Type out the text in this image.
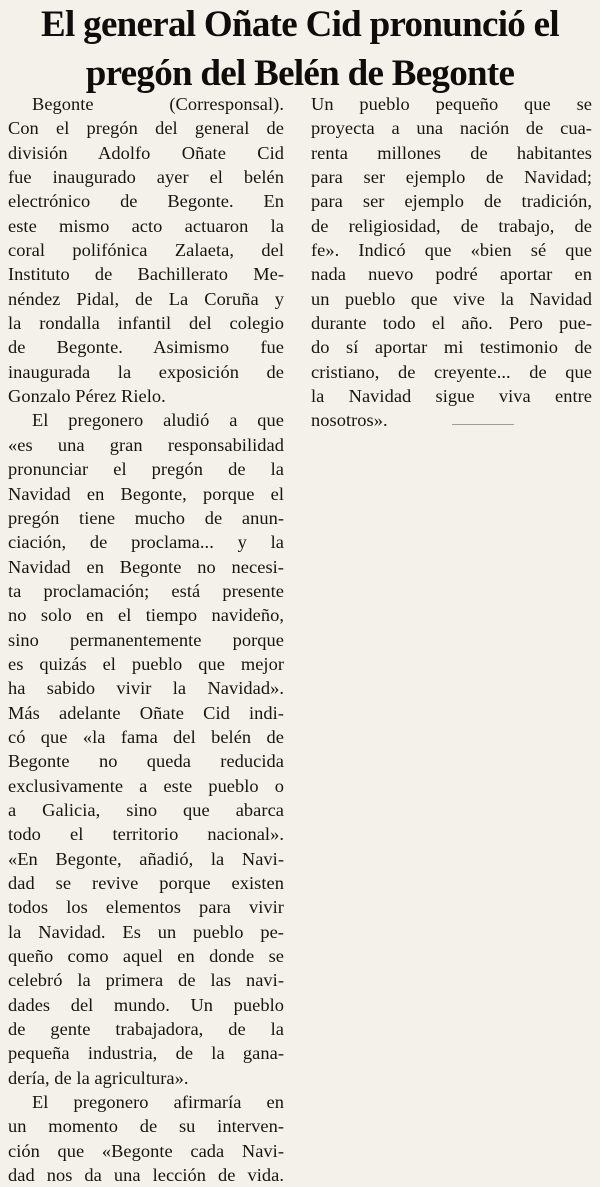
El general Oñate Cid pronunció el
pregón del Belén de Begonte
Begonte (Corresponsal).
Con el pregón del general de
división Adolfo Oñate Cid
fue inaugurado ayer el belén
electrónico de Begonte. En
este mismo acto actuaron la
coral polifónica Zalaeta, del
Instituto de Bachillerato Me-
néndez Pidal, de La Coruña y
la rondalla infantil del colegio
de Begonte. Asimismo fue
inaugurada la exposición de
Gonzalo Pérez Rielo.
El pregonero aludió a que
«es una gran responsabilidad
pronunciar el pregón de la
Navidad en Begonte, porque el
pregón tiene mucho de anun-
ciación, de proclama... y la
Navidad en Begonte no necesi-
ta proclamación; está presente
no solo en el tiempo navideño,
sino permanentemente porque
es quizás el pueblo que mejor
ha sabido vivir la Navidad».
Más adelante Oñate Cid indi-
có que «la fama del belén de
Begonte no queda reducida
exclusivamente a este pueblo o
a Galicia, sino que abarca
todo el territorio nacional».
«En Begonte, añadió, la Navi-
dad se revive porque existen
todos los elementos para vivir
la Navidad. Es un pueblo pe-
queño como aquel en donde se
celebró la primera de las navi-
dades del mundo. Un pueblo
de gente trabajadora, de la
pequeña industria, de la gana-
dería, de la agricultura».
El pregonero afirmaría en
un momento de su interven-
ción que «Begonte cada Navi-
dad nos da una lección de vida.
Un pueblo pequeño que se
proyecta a una nación de cua-
renta millones de habitantes
para ser ejemplo de Navidad;
para ser ejemplo de tradición,
de religiosidad, de trabajo, de
fe». Indicó que «bien sé que
nada nuevo podré aportar en
un pueblo que vive la Navidad
durante todo el año. Pero pue-
do sí aportar mi testimonio de
cristiano, de creyente... de que
la Navidad sigue viva entre
nosotros».
